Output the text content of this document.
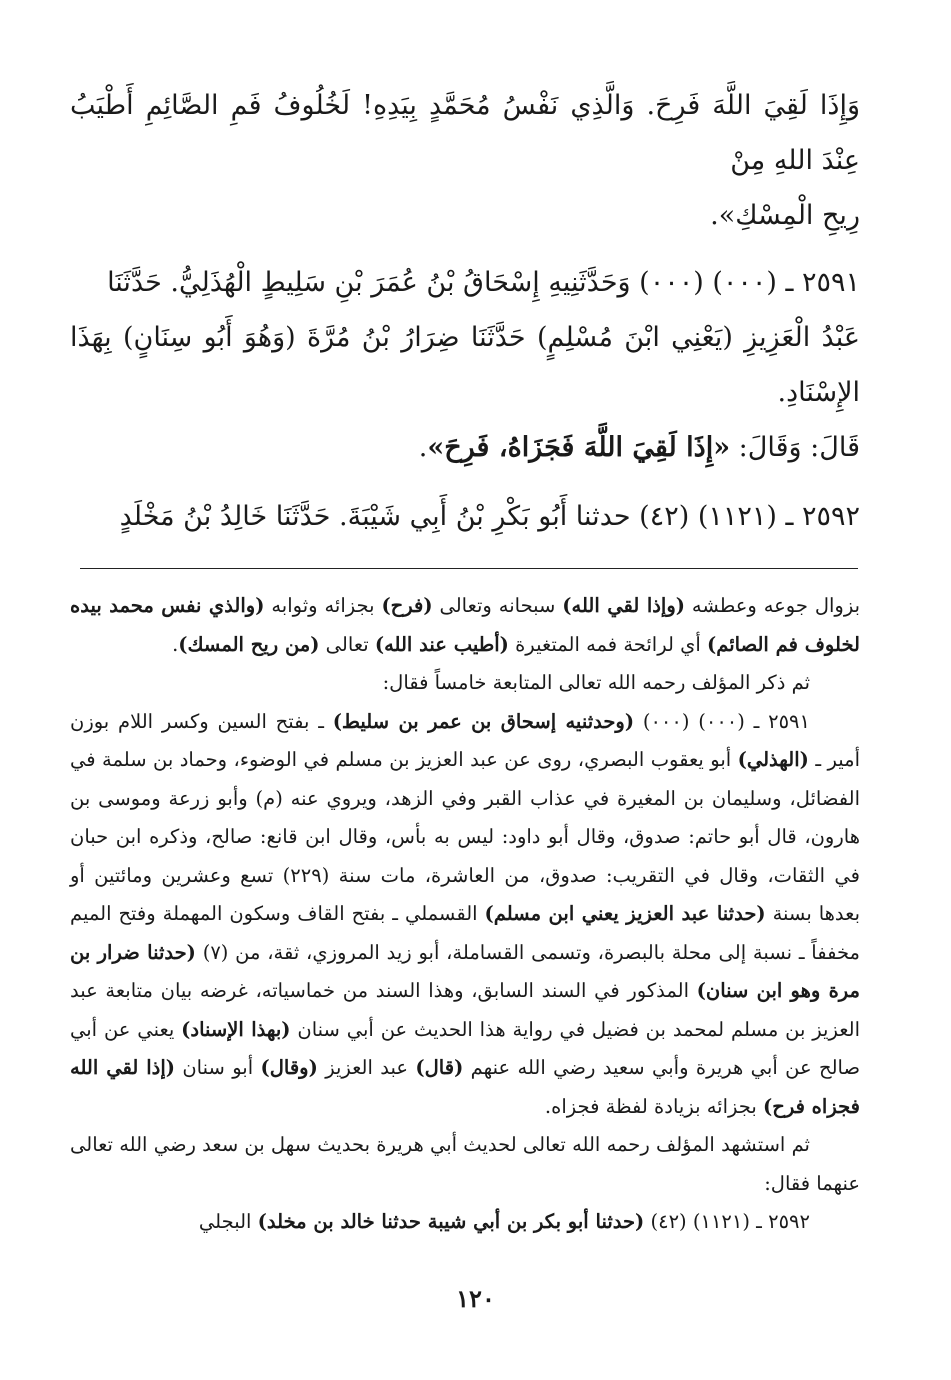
وَإِذَا لَقِيَ اللَّهَ فَرِحَ. وَالَّذِي نَفْسُ مُحَمَّدٍ بِيَدِهِ! لَخُلُوفُ فَمِ الصَّائِمِ أَطْيَبُ عِنْدَ اللهِ مِنْ

رِيحِ الْمِسْكِ».

٢٥٩١ ـ (٠٠٠) (٠٠٠) وَحَدَّثَنِيهِ إِسْحَاقُ بْنُ عُمَرَ بْنِ سَلِيطٍ الْهُذَلِيُّ. حَدَّثَنَا

عَبْدُ الْعَزِيزِ (يَعْنِي ابْنَ مُسْلِمٍ) حَدَّثَنَا ضِرَارُ بْنُ مُرَّةَ (وَهُوَ أَبُو سِنَانٍ) بِهَذَا الإِسْنَادِ.

قَالَ: وَقَالَ: «إِذَا لَقِيَ اللَّهَ فَجَزَاهُ، فَرِحَ».

٢٥٩٢ ـ (١١٢١) (٤٢) حدثنا أَبُو بَكْرِ بْنُ أَبِي شَيْبَةَ. حَدَّثَنَا خَالِدُ بْنُ مَخْلَدٍ

بزوال جوعه وعطشه (وإذا لقي الله) سبحانه وتعالى (فرح) بجزائه وثوابه (والذي نفس محمد بيده لخلوف فم الصائم) أي لرائحة فمه المتغيرة (أطيب عند الله) تعالى (من ريح المسك).

ثم ذكر المؤلف رحمه الله تعالى المتابعة خامساً فقال:

٢٥٩١ ـ (٠٠٠) (٠٠٠) (وحدثنيه إسحاق بن عمر بن سليط) ـ بفتح السين وكسر اللام بوزن أمير ـ (الهذلي) أبو يعقوب البصري، روى عن عبد العزيز بن مسلم في الوضوء، وحماد بن سلمة في الفضائل، وسليمان بن المغيرة في عذاب القبر وفي الزهد، ويروي عنه (م) وأبو زرعة وموسى بن هارون، قال أبو حاتم: صدوق، وقال أبو داود: ليس به بأس، وقال ابن قانع: صالح، وذكره ابن حبان في الثقات، وقال في التقريب: صدوق، من العاشرة، مات سنة (٢٢٩) تسع وعشرين ومائتين أو بعدها بسنة (حدثنا عبد العزيز يعني ابن مسلم) القسملي ـ بفتح القاف وسكون المهملة وفتح الميم مخففاً ـ نسبة إلى محلة بالبصرة، وتسمى القساملة، أبو زيد المروزي، ثقة، من (٧) (حدثنا ضرار بن مرة وهو ابن سنان) المذكور في السند السابق، وهذا السند من خماسياته، غرضه بيان متابعة عبد العزيز بن مسلم لمحمد بن فضيل في رواية هذا الحديث عن أبي سنان (بهذا الإسناد) يعني عن أبي صالح عن أبي هريرة وأبي سعيد رضي الله عنهم (قال) عبد العزيز (وقال) أبو سنان (إذا لقي الله فجزاه فرح) بجزائه بزيادة لفظة فجزاه.

ثم استشهد المؤلف رحمه الله تعالى لحديث أبي هريرة بحديث سهل بن سعد رضي الله تعالى عنهما فقال:

٢٥٩٢ ـ (١١٢١) (٤٢) (حدثنا أبو بكر بن أبي شيبة حدثنا خالد بن مخلد) البجلي

١٢٠
